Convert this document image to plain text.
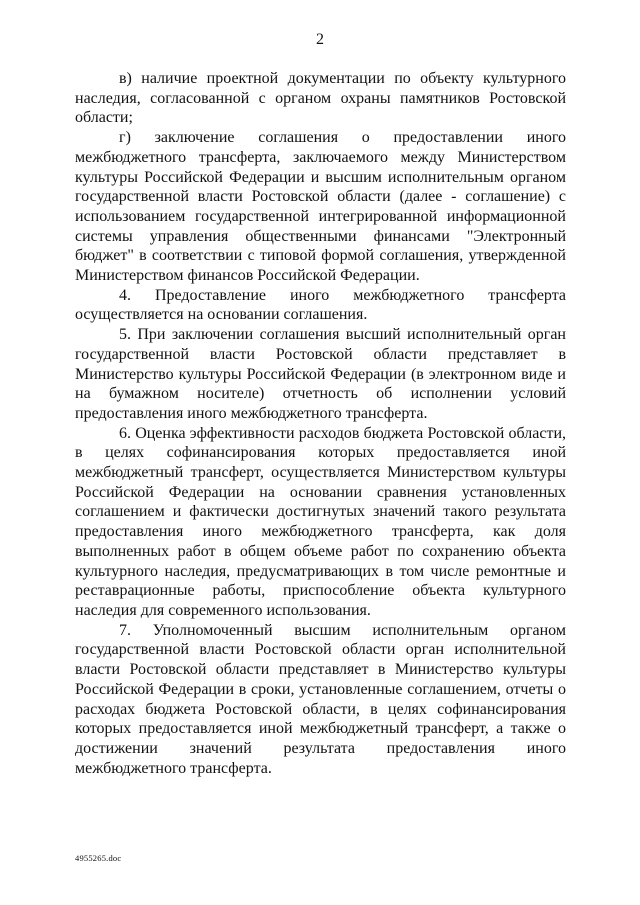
2

в) наличие проектной документации по объекту культурного наследия, согласованной с органом охраны памятников Ростовской области;

г) заключение соглашения о предоставлении иного межбюджетного трансферта, заключаемого между Министерством культуры Российской Федерации и высшим исполнительным органом государственной власти Ростовской области (далее - соглашение) с использованием государственной интегрированной информационной системы управления общественными финансами "Электронный бюджет" в соответствии с типовой формой соглашения, утвержденной Министерством финансов Российской Федерации.

4. Предоставление иного межбюджетного трансферта осуществляется на основании соглашения.

5. При заключении соглашения высший исполнительный орган государственной власти Ростовской области представляет в Министерство культуры Российской Федерации (в электронном виде и на бумажном носителе) отчетность об исполнении условий предоставления иного межбюджетного трансферта.

6. Оценка эффективности расходов бюджета Ростовской области, в целях софинансирования которых предоставляется иной межбюджетный трансферт, осуществляется Министерством культуры Российской Федерации на основании сравнения установленных соглашением и фактически достигнутых значений такого результата предоставления иного межбюджетного трансферта, как доля выполненных работ в общем объеме работ по сохранению объекта культурного наследия, предусматривающих в том числе ремонтные и реставрационные работы, приспособление объекта культурного наследия для современного использования.

7. Уполномоченный высшим исполнительным органом государственной власти Ростовской области орган исполнительной власти Ростовской области представляет в Министерство культуры Российской Федерации в сроки, установленные соглашением, отчеты о расходах бюджета Ростовской области, в целях софинансирования которых предоставляется иной межбюджетный трансферт, а также о достижении значений результата предоставления иного межбюджетного трансферта.

4955265.doc
